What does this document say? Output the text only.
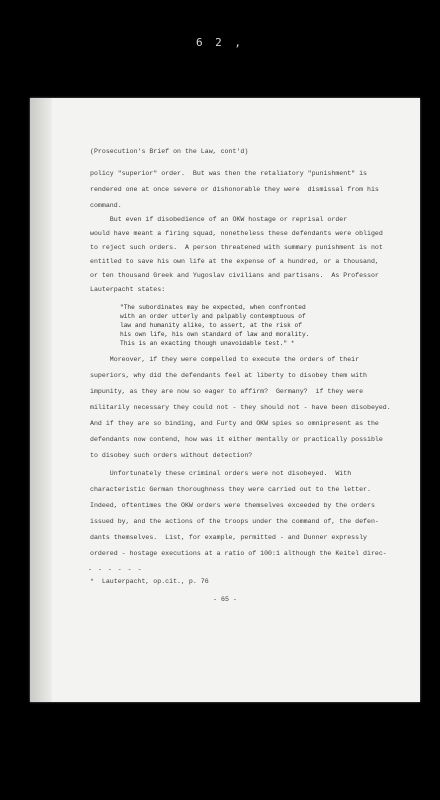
6 2 ,
(Prosecution's Brief on the Law, cont'd)
policy "superior" order.  But was then the retaliatory "punishment" is
rendered one at once severe or dishonorable they were  dismissal from his
command.
But even if disobedience of an OKW hostage or reprisal order
would have meant a firing squad, nonetheless these defendants were obliged
to reject such orders.  A person threatened with summary punishment is not
entitled to save his own life at the expense of a hundred, or a thousand,
or ten thousand Greek and Yugoslav civilians and partisans.  As Professor
Lauterpacht states:
"The subordinates may be expected, when confronted
with an order utterly and palpably contemptuous of
law and humanity alike, to assert, at the risk of
his own life, his own standard of law and morality.
This is an exacting though unavoidable test." *
Moreover, if they were compelled to execute the orders of their
superiors, why did the defendants feel at liberty to disobey them with
impunity, as they are now so eager to affirm?  Germany?  if they were
militarily necessary they could not - they should not - have been disobeyed.
And if they are so binding, and Furty and OKW spies so omnipresent as the
defendants now contend, how was it either mentally or practically possible
to disobey such orders without detection?
Unfortunately these criminal orders were not disobeyed.  With
characteristic German thoroughness they were carried out to the letter.
Indeed, oftentimes the OKW orders were themselves exceeded by the orders
issued by, and the actions of the troops under the command of, the defen-
dants themselves.  List, for example, permitted - and Dunner expressly
ordered - hostage executions at a ratio of 100:1 although the Keitel direc-
- - - - - -
*  Lauterpacht, op.cit., p. 76
- 65 -
